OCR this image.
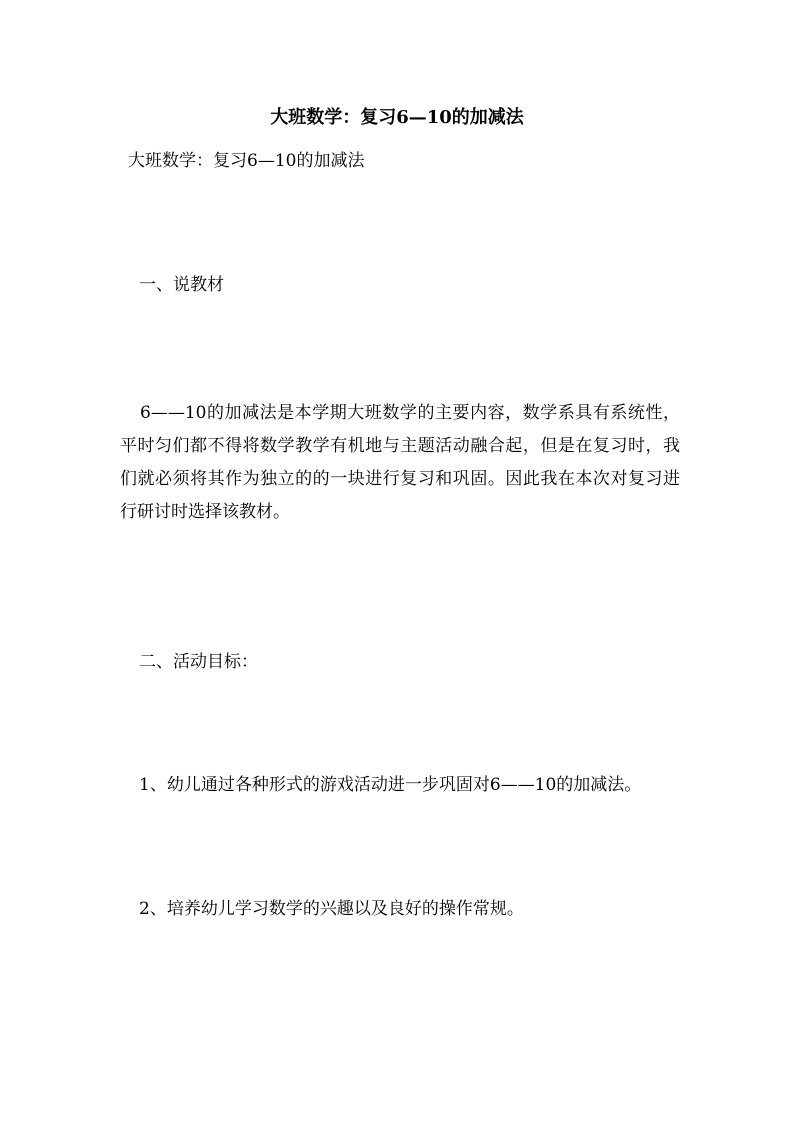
大班数学：复习6—10的加减法
大班数学：复习6—10的加减法
一、说教材
6——10的加减法是本学期大班数学的主要内容，数学系具有系统性，平时匀们都不得将数学教学有机地与主题活动融合起，但是在复习时，我们就必须将其作为独立的的一块进行复习和巩固。因此我在本次对复习进行研讨时选择该教材。
二、活动目标：
1、幼儿通过各种形式的游戏活动进一步巩固对6——10的加减法。
2、培养幼儿学习数学的兴趣以及良好的操作常规。
